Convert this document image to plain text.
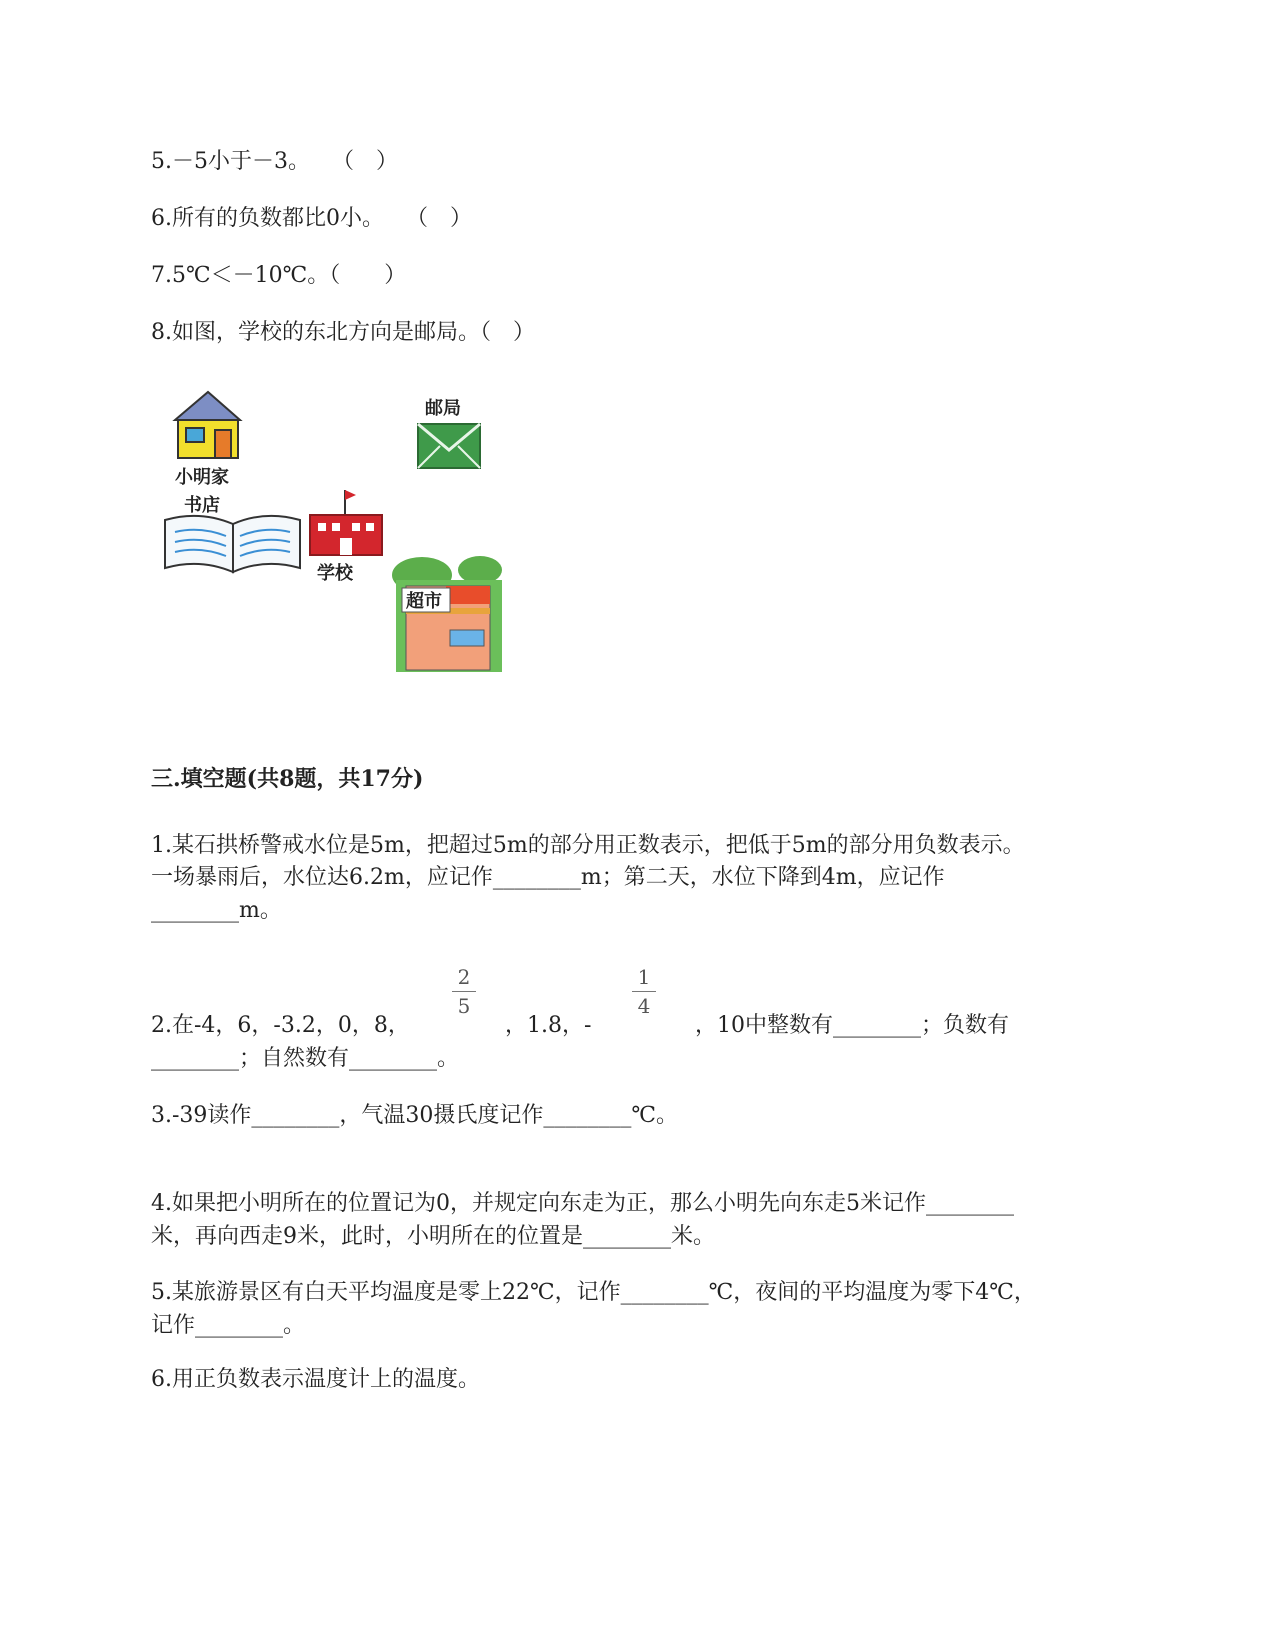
5.－5小于－3。　　（　）
6.所有的负数都比0小。　　（　）
7.5℃＜－10℃。（　　）
8.如图，学校的东北方向是邮局。（　）
小明家
邮局
书店
学校
超市
三.填空题(共8题，共17分)
1.某石拱桥警戒水位是5m，把超过5m的部分用正数表示，把低于5m的部分用负数表示。
一场暴雨后，水位达6.2m，应记作________m；第二天，水位下降到4m，应记作
________m。
2.在-4，6，-3.2，0，8，
2
5
，1.8，-
1
4
，10中整数有________；负数有
________；自然数有________。
3.-39读作________，气温30摄氏度记作________℃。
4.如果把小明所在的位置记为0，并规定向东走为正，那么小明先向东走5米记作________
米，再向西走9米，此时，小明所在的位置是________米。
5.某旅游景区有白天平均温度是零上22℃，记作________℃，夜间的平均温度为零下4℃，
记作________。
6.用正负数表示温度计上的温度。
